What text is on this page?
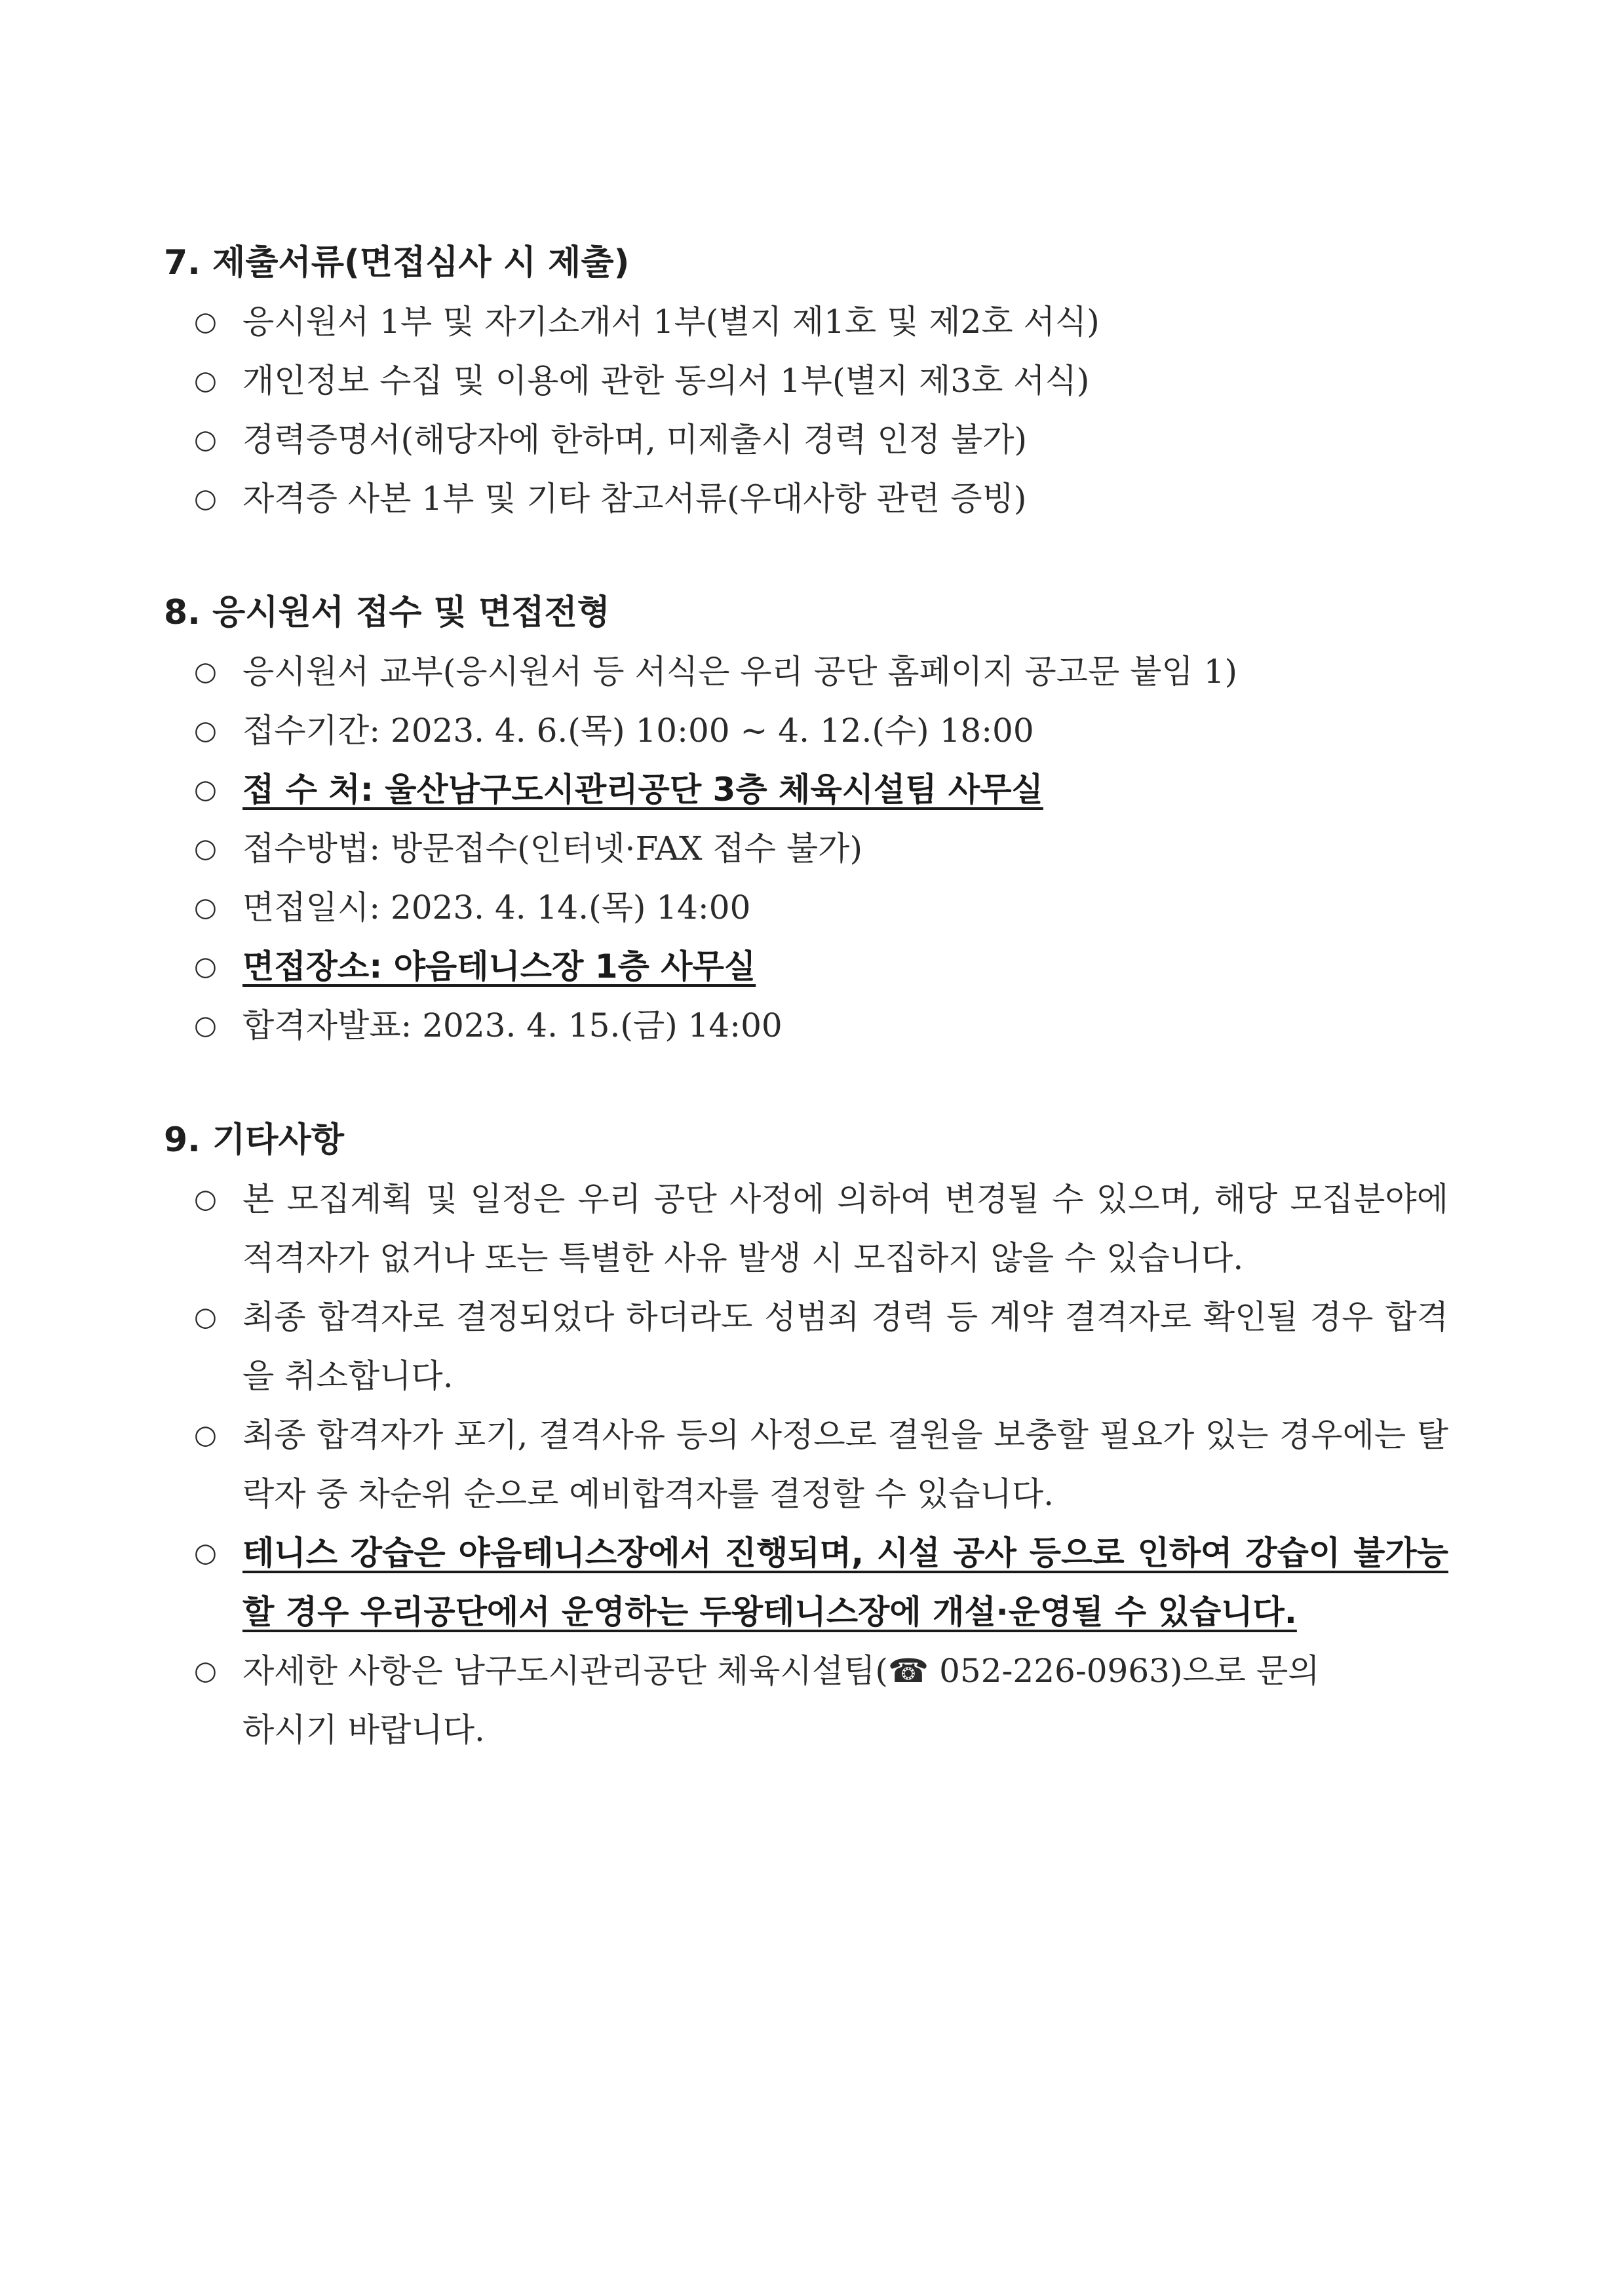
7. 제출서류(면접심사 시 제출)
○ 응시원서 1부 및 자기소개서 1부(별지 제1호 및 제2호 서식)
○ 개인정보 수집 및 이용에 관한 동의서 1부(별지 제3호 서식)
○ 경력증명서(해당자에 한하며, 미제출시 경력 인정 불가)
○ 자격증 사본 1부 및 기타 참고서류(우대사항 관련 증빙)
8. 응시원서 접수 및 면접전형
○ 응시원서 교부(응시원서 등 서식은 우리 공단 홈페이지 공고문 붙임 1)
○ 접수기간: 2023. 4. 6.(목) 10:00 ~ 4. 12.(수) 18:00
○ 접 수 처: 울산남구도시관리공단 3층 체육시설팀 사무실
○ 접수방법: 방문접수(인터넷·FAX 접수 불가)
○ 면접일시: 2023. 4. 14.(목) 14:00
○ 면접장소: 야음테니스장 1층 사무실
○ 합격자발표: 2023. 4. 15.(금) 14:00
9. 기타사항
○ 본 모집계획 및 일정은 우리 공단 사정에 의하여 변경될 수 있으며, 해당 모집분야에 적격자가 없거나 또는 특별한 사유 발생 시 모집하지 않을 수 있습니다.
○ 최종 합격자로 결정되었다 하더라도 성범죄 경력 등 계약 결격자로 확인될 경우 합격을 취소합니다.
○ 최종 합격자가 포기, 결격사유 등의 사정으로 결원을 보충할 필요가 있는 경우에는 탈락자 중 차순위 순으로 예비합격자를 결정할 수 있습니다.
○ 테니스 강습은 야음테니스장에서 진행되며, 시설 공사 등으로 인하여 강습이 불가능할 경우 우리공단에서 운영하는 두왕테니스장에 개설·운영될 수 있습니다.
○ 자세한 사항은 남구도시관리공단 체육시설팀(☎ 052-226-0963)으로 문의
하시기 바랍니다.
